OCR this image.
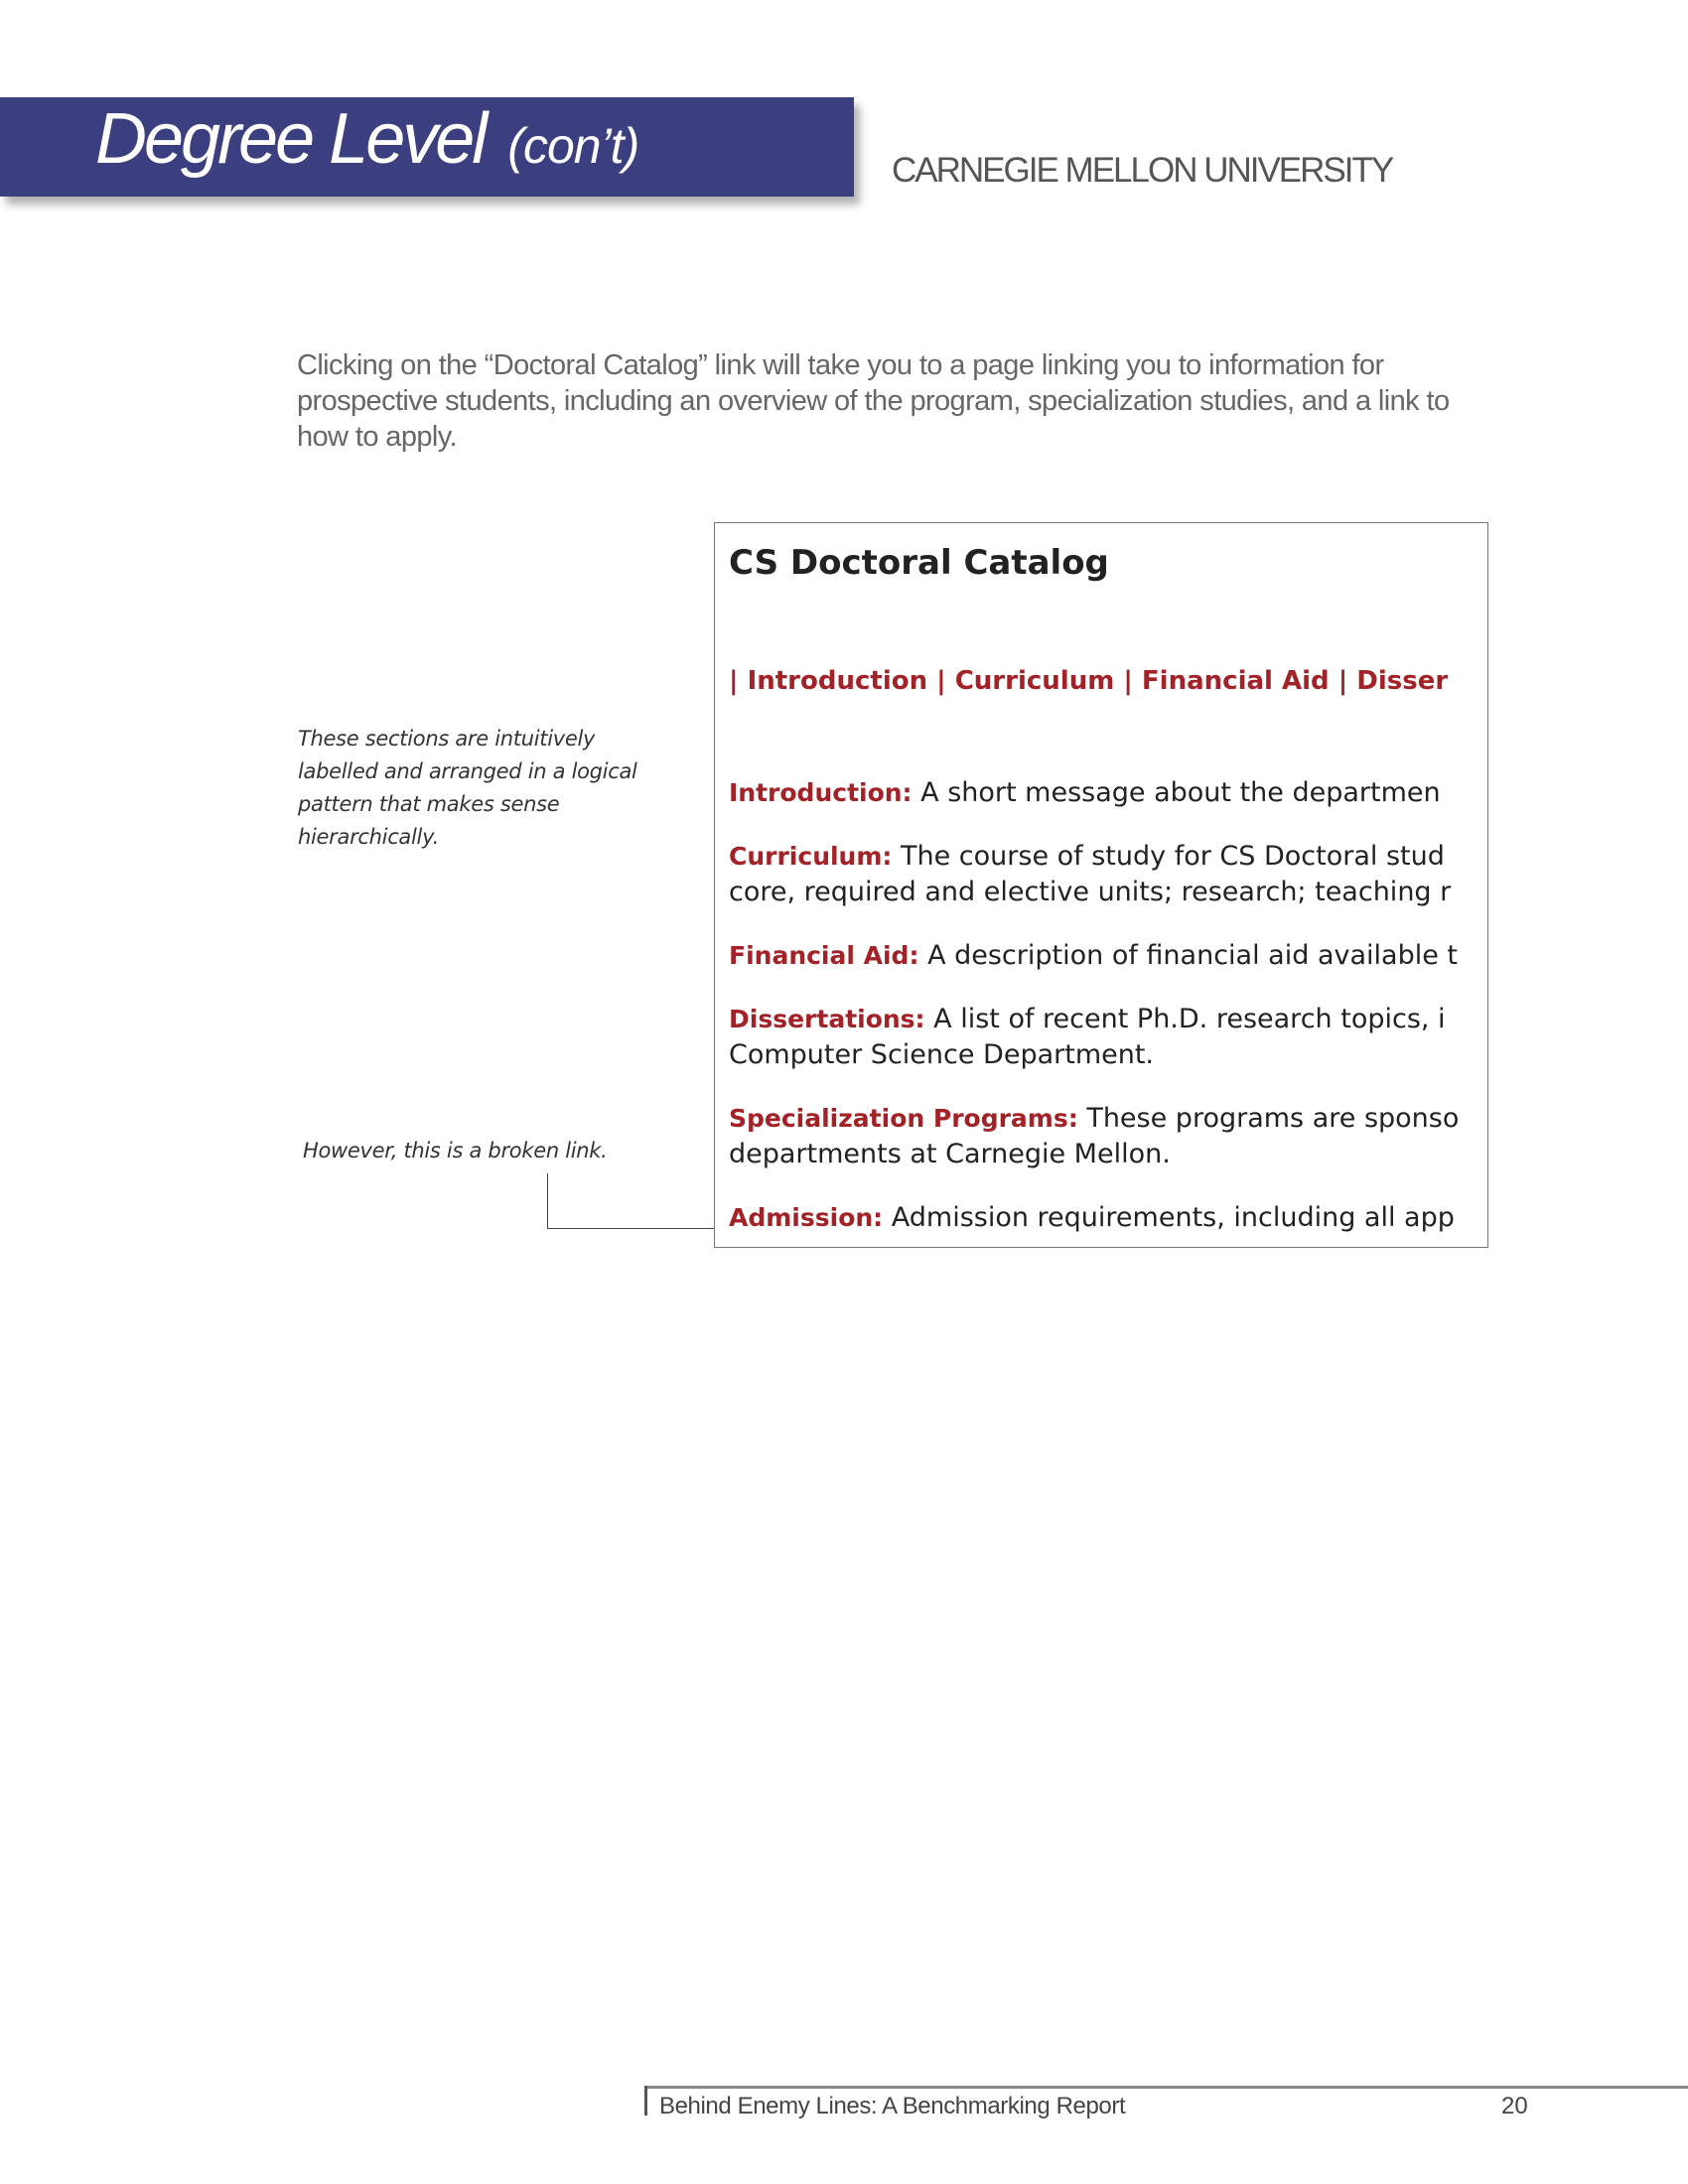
Degree Level (con’t)	CARNEGIE MELLON UNIVERSITY
Clicking on the “Doctoral Catalog” link will take you to a page linking you to information for prospective students, including an overview of the program, specialization studies, and a link to how to apply.
These sections are intuitively labelled and arranged in a logical pattern that makes sense hierarchically.
However, this is a broken link.
CS Doctoral Catalog
| Introduction | Curriculum | Financial Aid | Disser
Introduction: A short message about the departmen
Curriculum: The course of study for CS Doctoral stud
core, required and elective units; research; teaching r
Financial Aid: A description of financial aid available t
Dissertations: A list of recent Ph.D. research topics, i
Computer Science Department.
Specialization Programs: These programs are sponso
departments at Carnegie Mellon.
Admission: Admission requirements, including all app
Behind Enemy Lines: A Benchmarking Report	20
